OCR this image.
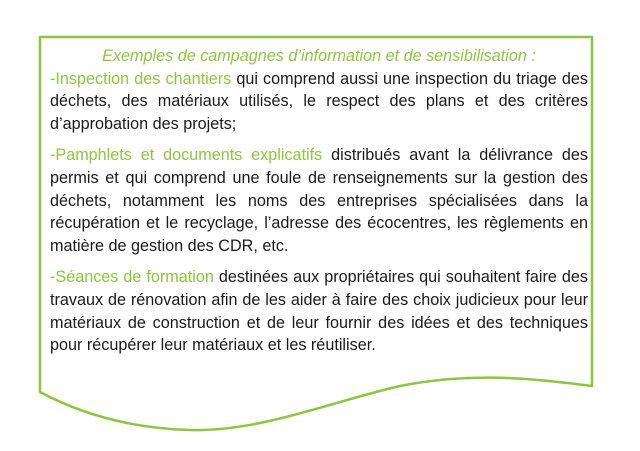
Exemples de campagnes d’information et de sensibilisation :

-Inspection des chantiers qui comprend aussi une inspection du triage des déchets, des matériaux utilisés, le respect des plans et des critères d’approbation des projets;

-Pamphlets et documents explicatifs distribués avant la délivrance des permis et qui comprend une foule de renseignements sur la gestion des déchets, notamment les noms des entreprises spécialisées dans la récupération et le recyclage, l’adresse des écocentres, les règlements en matière de gestion des CDR, etc.

-Séances de formation destinées aux propriétaires qui souhaitent faire des travaux de rénovation afin de les aider à faire des choix judicieux pour leur matériaux de construction et de leur fournir des idées et des techniques pour récupérer leur matériaux et les réutiliser.
